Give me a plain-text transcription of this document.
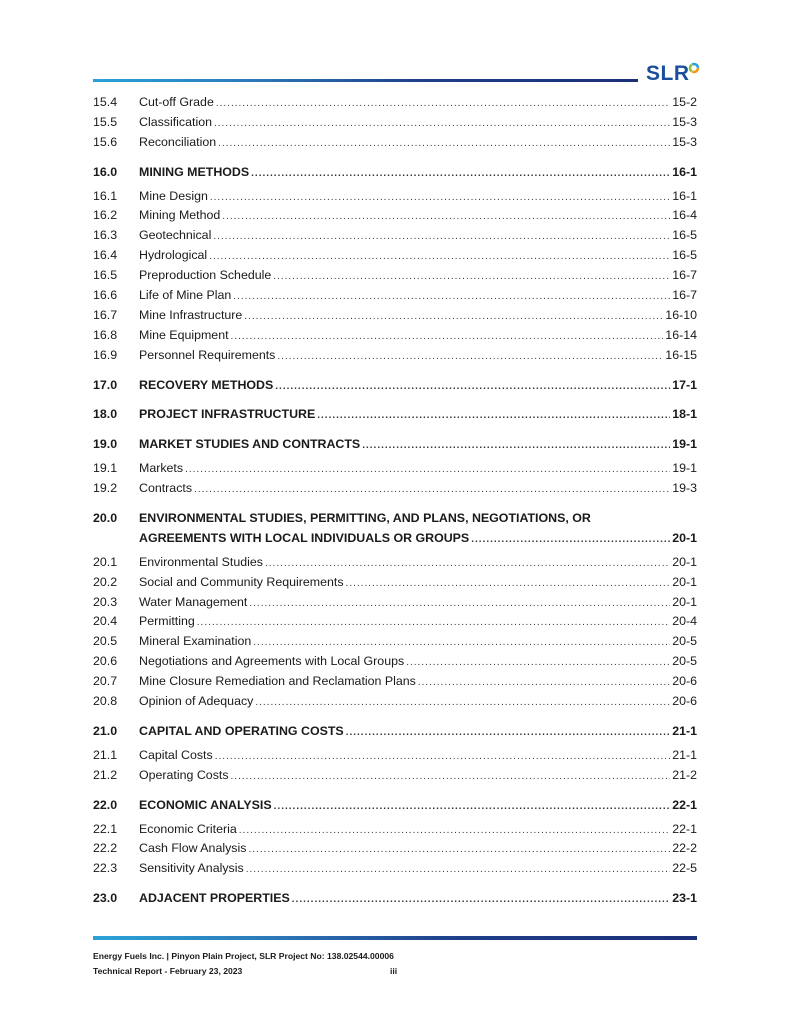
SLR
15.4	Cut-off Grade .....	15-2
15.5	Classification .....	15-3
15.6	Reconciliation .....	15-3
16.0	MINING METHODS .....	16-1
16.1	Mine Design .....	16-1
16.2	Mining Method .....	16-4
16.3	Geotechnical .....	16-5
16.4	Hydrological .....	16-5
16.5	Preproduction Schedule .....	16-7
16.6	Life of Mine Plan .....	16-7
16.7	Mine Infrastructure .....	16-10
16.8	Mine Equipment .....	16-14
16.9	Personnel Requirements .....	16-15
17.0	RECOVERY METHODS .....	17-1
18.0	PROJECT INFRASTRUCTURE .....	18-1
19.0	MARKET STUDIES AND CONTRACTS .....	19-1
19.1	Markets .....	19-1
19.2	Contracts .....	19-3
20.0	ENVIRONMENTAL STUDIES, PERMITTING, AND PLANS, NEGOTIATIONS, OR
AGREEMENTS WITH LOCAL INDIVIDUALS OR GROUPS .....	20-1
20.1	Environmental Studies .....	20-1
20.2	Social and Community Requirements .....	20-1
20.3	Water Management .....	20-1
20.4	Permitting .....	20-4
20.5	Mineral Examination .....	20-5
20.6	Negotiations and Agreements with Local Groups .....	20-5
20.7	Mine Closure Remediation and Reclamation Plans .....	20-6
20.8	Opinion of Adequacy .....	20-6
21.0	CAPITAL AND OPERATING COSTS .....	21-1
21.1	Capital Costs .....	21-1
21.2	Operating Costs .....	21-2
22.0	ECONOMIC ANALYSIS .....	22-1
22.1	Economic Criteria .....	22-1
22.2	Cash Flow Analysis .....	22-2
22.3	Sensitivity Analysis .....	22-5
23.0	ADJACENT PROPERTIES .....	23-1
Energy Fuels Inc. | Pinyon Plain Project, SLR Project No: 138.02544.00006
Technical Report - February 23, 2023	iii
